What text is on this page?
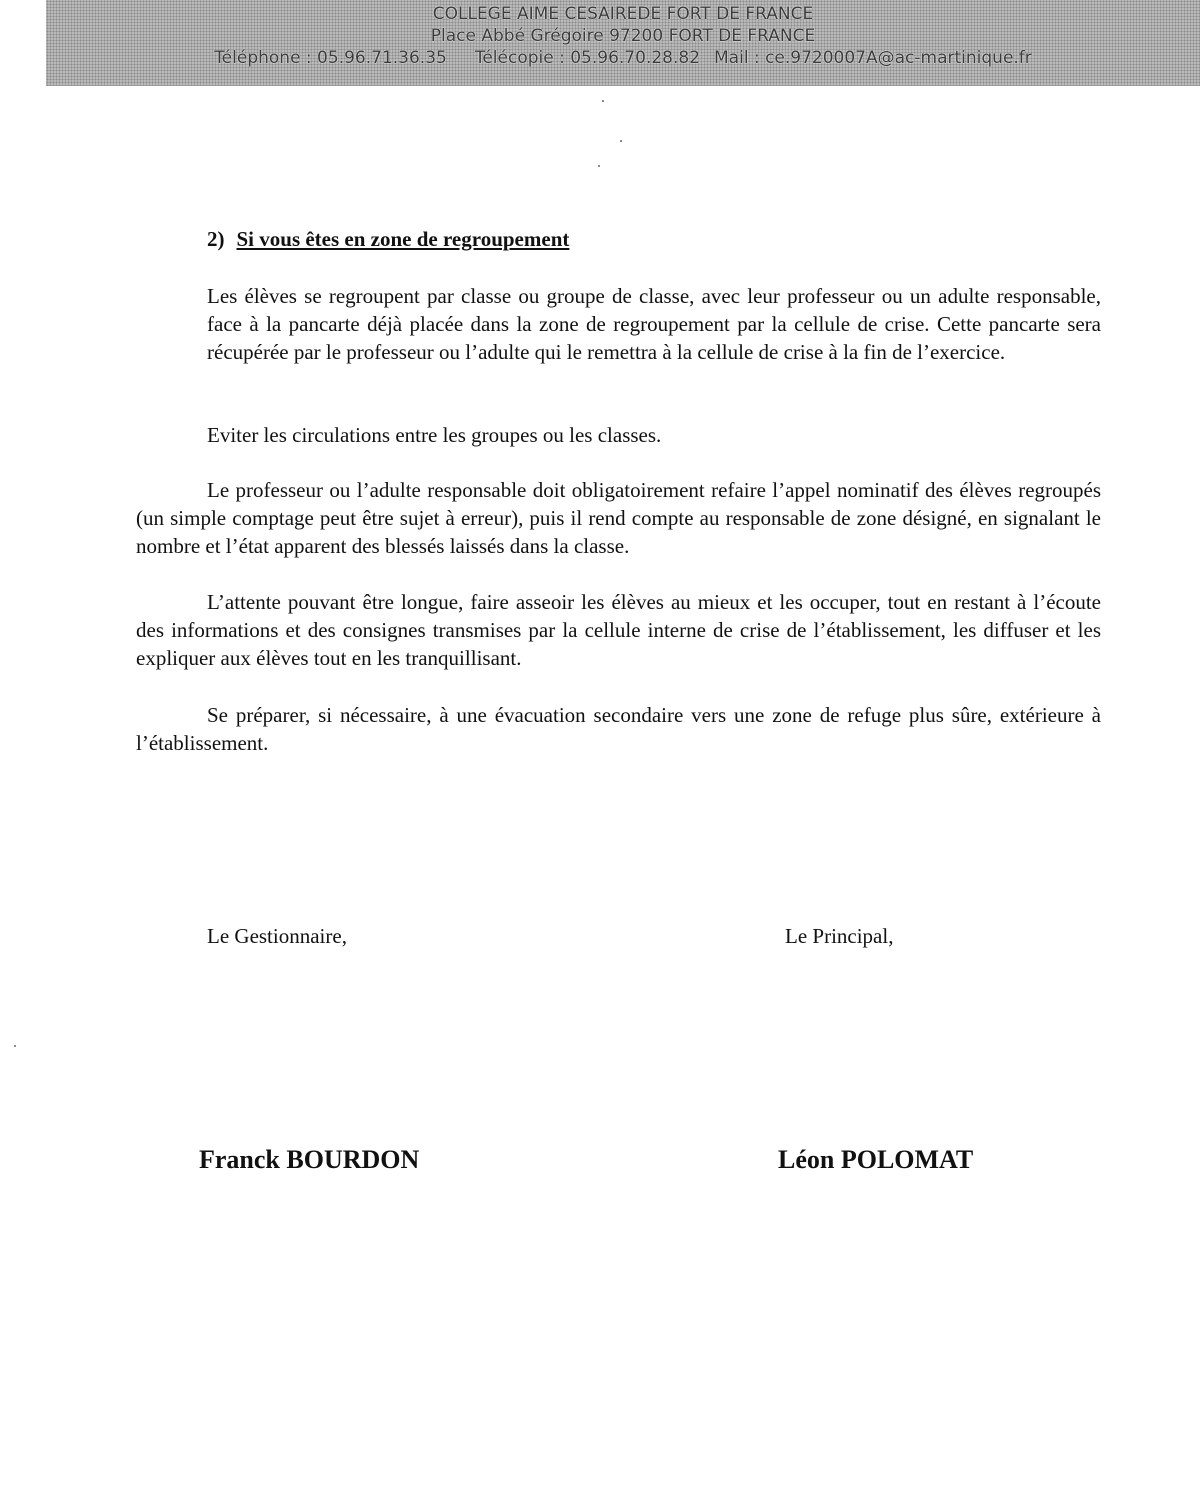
COLLEGE AIME CESAIREDE FORT DE FRANCE
Place Abbé Grégoire 97200 FORT DE FRANCE
Téléphone : 05.96.71.36.35 Télécopie : 05.96.70.28.82 Mail : ce.9720007A@ac-martinique.fr
2) Si vous êtes en zone de regroupement

Les élèves se regroupent par classe ou groupe de classe, avec leur professeur ou un adulte responsable, face à la pancarte déjà placée dans la zone de regroupement par la cellule de crise. Cette pancarte sera récupérée par le professeur ou l’adulte qui le remettra à la cellule de crise à la fin de l’exercice.

Eviter les circulations entre les groupes ou les classes.

Le professeur ou l’adulte responsable doit obligatoirement refaire l’appel nominatif des élèves regroupés (un simple comptage peut être sujet à erreur), puis il rend compte au responsable de zone désigné, en signalant le nombre et l’état apparent des blessés laissés dans la classe.

L’attente pouvant être longue, faire asseoir les élèves au mieux et les occuper, tout en restant à l’écoute des informations et des consignes transmises par la cellule interne de crise de l’établissement, les diffuser et les expliquer aux élèves tout en les tranquillisant.

Se préparer, si nécessaire, à une évacuation secondaire vers une zone de refuge plus sûre, extérieure à l’établissement.

Le Gestionnaire,	Le Principal,
Franck BOURDON	Léon POLOMAT
